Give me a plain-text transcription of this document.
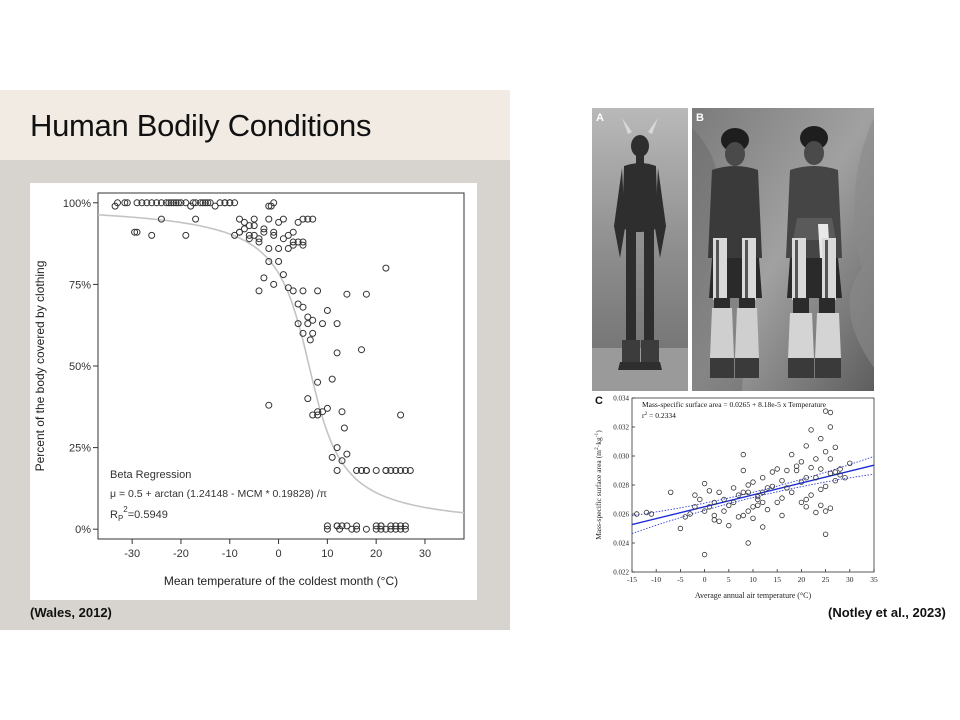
Human Bodily Conditions
-30	-20	-10	0	10	20	30
0%
25%
50%
75%
100%
Mean temperature of the coldest month (°C)
Percent of the body covered by clothing
Beta Regression
μ = 0.5 + arctan (1.24148 - MCM * 0.19828) /π
$R_P^2=0.5949$
A	B
C
-15 -10 -5	0	5 10 15 20 25 30 35
0.022
0.024
0.026
0.028
0.030
0.032
0.034
Average annual air temperature (°C)
Mass-specific surface area $(m^2\cdot kg^{-1})$
Mass-specific surface area = 0.0265 + 8.18e-5 x Temperature
$r^2 = 0.2334$
(Wales, 2012)	(Notley et al., 2023)
